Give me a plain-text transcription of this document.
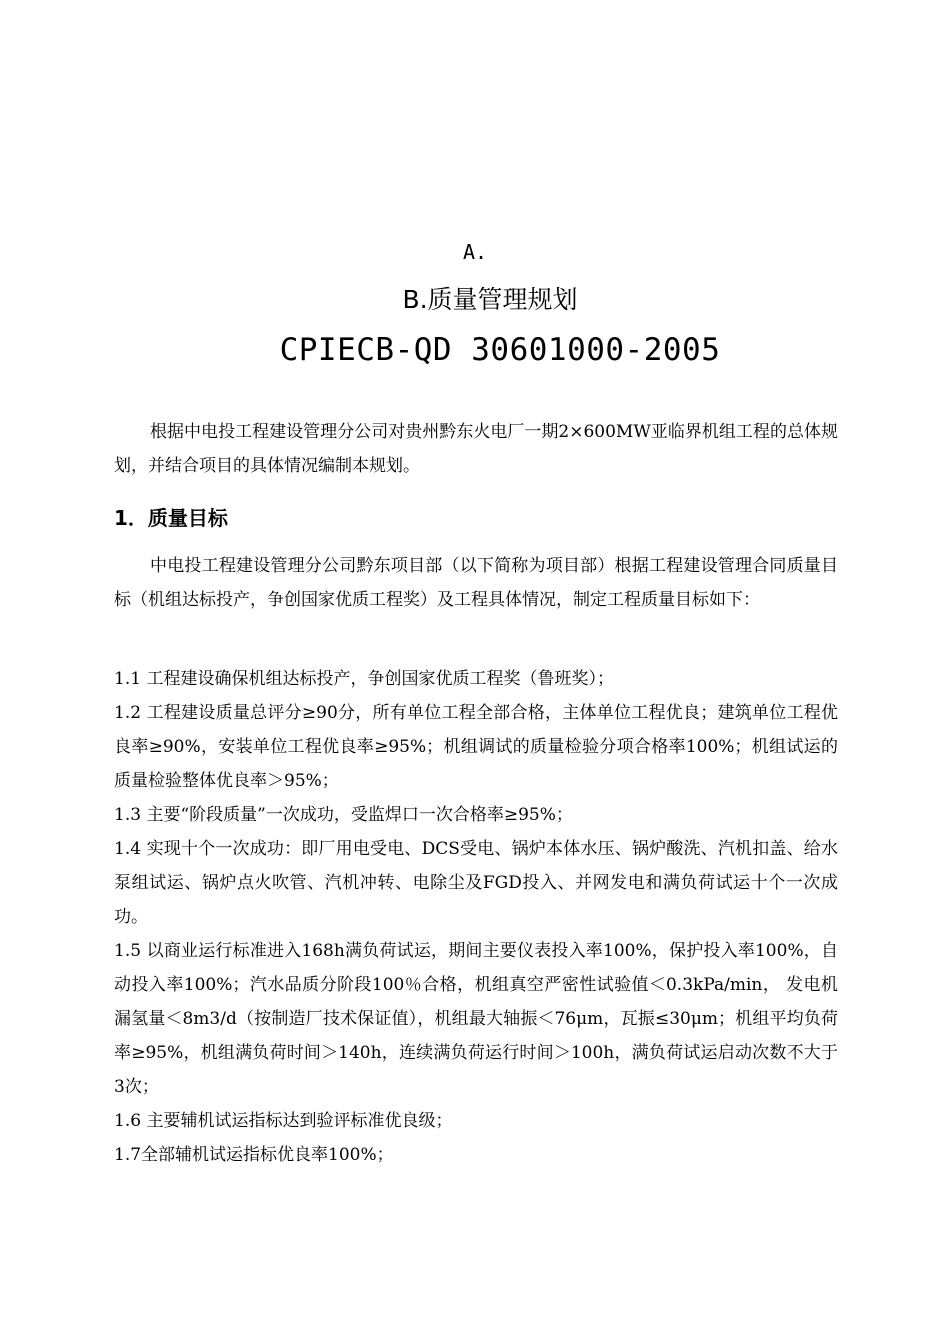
A.
B.质量管理规划
CPIECB-QD 30601000-2005
根据中电投工程建设管理分公司对贵州黔东火电厂一期2×600MW亚临界机组工程的总体规划，并结合项目的具体情况编制本规划。
1．质量目标
中电投工程建设管理分公司黔东项目部（以下简称为项目部）根据工程建设管理合同质量目标（机组达标投产，争创国家优质工程奖）及工程具体情况，制定工程质量目标如下：

1.1 工程建设确保机组达标投产，争创国家优质工程奖（鲁班奖）；

1.2 工程建设质量总评分≥90分，所有单位工程全部合格，主体单位工程优良；建筑单位工程优良率≥90%，安装单位工程优良率≥95%；机组调试的质量检验分项合格率100%；机组试运的质量检验整体优良率＞95%；

1.3 主要“阶段质量”一次成功，受监焊口一次合格率≥95%；

1.4 实现十个一次成功：即厂用电受电、DCS受电、锅炉本体水压、锅炉酸洗、汽机扣盖、给水泵组试运、锅炉点火吹管、汽机冲转、电除尘及FGD投入、并网发电和满负荷试运十个一次成功。

1.5 以商业运行标准进入168h满负荷试运，期间主要仪表投入率100%，保护投入率100%，自动投入率100%；汽水品质分阶段100％合格，机组真空严密性试验值＜0.3kPa/min， 发电机漏氢量＜8m3/d（按制造厂技术保证值），机组最大轴振＜76μm，瓦振≤30μm；机组平均负荷率≥95%，机组满负荷时间＞140h，连续满负荷运行时间＞100h，满负荷试运启动次数不大于3次；

1.6 主要辅机试运指标达到验评标准优良级；

1.7全部辅机试运指标优良率100%；
